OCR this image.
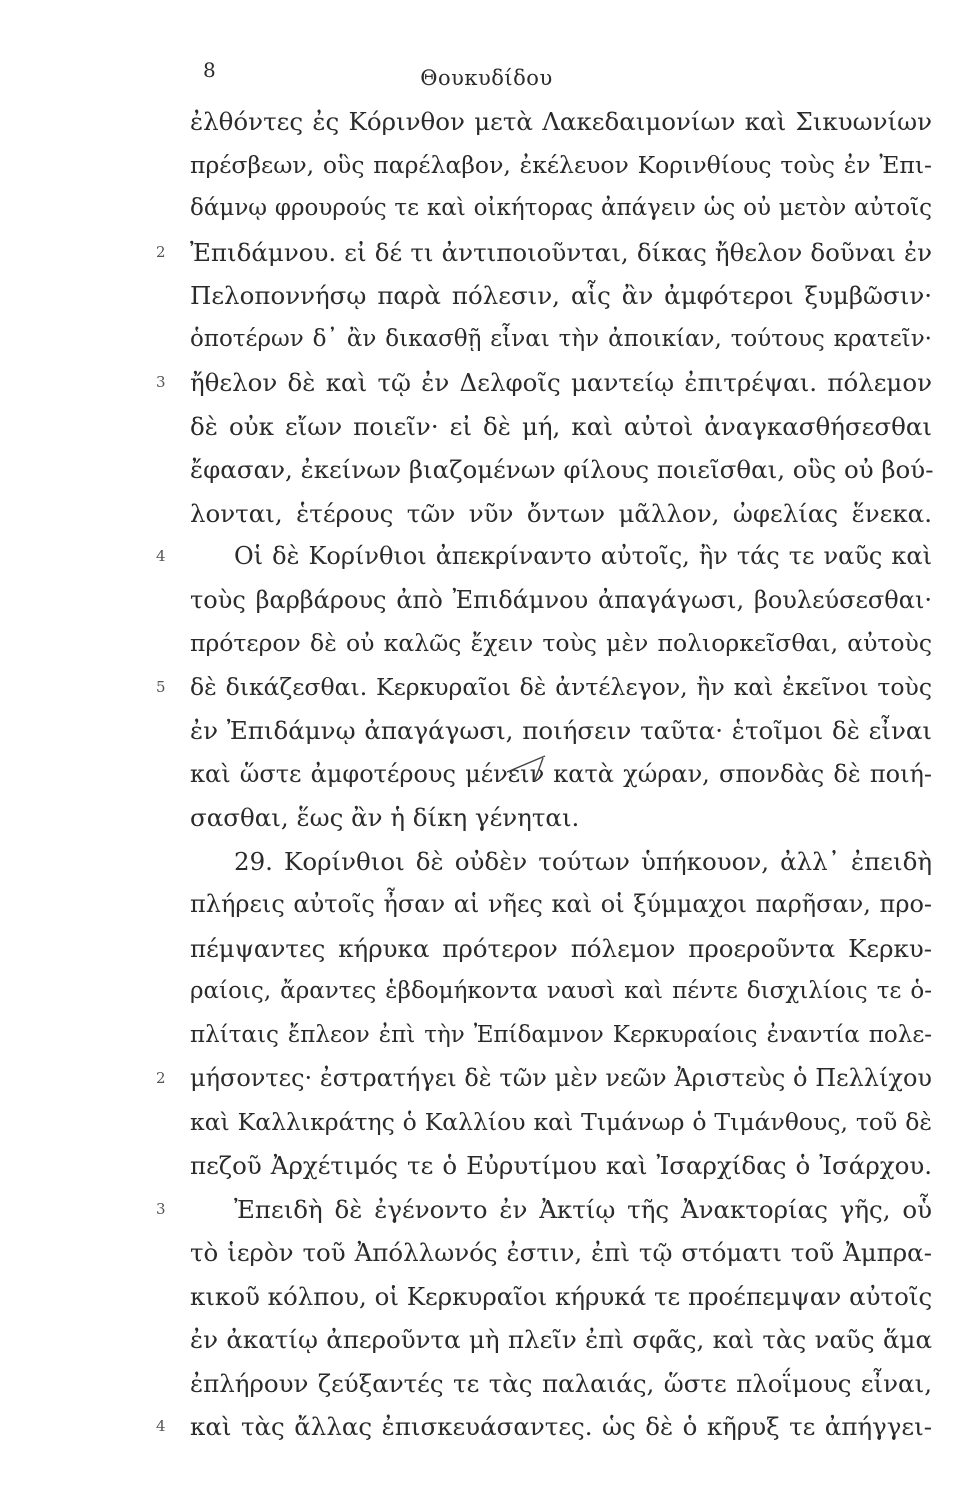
8	Θουκυδίδου
ἐλθόντες ἐς Κόρινθον μετὰ Λακεδαιμονίων καὶ Σικυωνίων
πρέσβεων, οὓς παρέλαβον, ἐκέλευον Κορινθίους τοὺς ἐν Ἐπι-
δάμνῳ φρουρούς τε καὶ οἰκήτορας ἀπάγειν ὡς οὐ μετὸν αὐτοῖς
Ἐπιδάμνου. εἰ δέ τι ἀντιποιοῦνται, δίκας ἤθελον δοῦναι ἐν
2
Πελοποννήσῳ παρὰ πόλεσιν, αἷς ἂν ἀμφότεροι ξυμβῶσιν·
ὁποτέρων δ᾽ ἂν δικασθῇ εἶναι τὴν ἀποικίαν, τούτους κρατεῖν·
ἤθελον δὲ καὶ τῷ ἐν Δελφοῖς μαντείῳ ἐπιτρέψαι. πόλεμον
3
δὲ οὐκ εἴων ποιεῖν· εἰ δὲ μή, καὶ αὐτοὶ ἀναγκασθήσεσθαι
ἔφασαν, ἐκείνων βιαζομένων φίλους ποιεῖσθαι, οὓς οὐ βού-
λονται, ἑτέρους τῶν νῦν ὄντων μᾶλλον, ὠφελίας ἕνεκα.
Οἱ δὲ Κορίνθιοι ἀπεκρίναντο αὐτοῖς, ἢν τάς τε ναῦς καὶ
4
τοὺς βαρβάρους ἀπὸ Ἐπιδάμνου ἀπαγάγωσι, βουλεύσεσθαι·
πρότερον δὲ οὐ καλῶς ἔχειν τοὺς μὲν πολιορκεῖσθαι, αὐτοὺς
δὲ δικάζεσθαι. Κερκυραῖοι δὲ ἀντέλεγον, ἢν καὶ ἐκεῖνοι τοὺς
5
ἐν Ἐπιδάμνῳ ἀπαγάγωσι, ποιήσειν ταῦτα· ἑτοῖμοι δὲ εἶναι
καὶ ὥστε ἀμφοτέρους μένειν κατὰ χώραν, σπονδὰς δὲ ποιή-
σασθαι, ἕως ἂν ἡ δίκη γένηται.
29. Κορίνθιοι δὲ οὐδὲν τούτων ὑπήκουον, ἀλλ᾽ ἐπειδὴ
πλήρεις αὐτοῖς ἦσαν αἱ νῆες καὶ οἱ ξύμμαχοι παρῆσαν, προ-
πέμψαντες κήρυκα πρότερον πόλεμον προεροῦντα Κερκυ-
ραίοις, ἄραντες ἑβδομήκοντα ναυσὶ καὶ πέντε δισχιλίοις τε ὁ-
πλίταις ἔπλεον ἐπὶ τὴν Ἐπίδαμνον Κερκυραίοις ἐναντία πολε-
μήσοντες· ἐστρατήγει δὲ τῶν μὲν νεῶν Ἀριστεὺς ὁ Πελλίχου
2
καὶ Καλλικράτης ὁ Καλλίου καὶ Τιμάνωρ ὁ Τιμάνθους, τοῦ δὲ
πεζοῦ Ἀρχέτιμός τε ὁ Εὐρυτίμου καὶ Ἰσαρχίδας ὁ Ἰσάρχου.
Ἐπειδὴ δὲ ἐγένοντο ἐν Ἀκτίῳ τῆς Ἀνακτορίας γῆς, οὗ
3
τὸ ἱερὸν τοῦ Ἀπόλλωνός ἐστιν, ἐπὶ τῷ στόματι τοῦ Ἀμπρα-
κικοῦ κόλπου, οἱ Κερκυραῖοι κήρυκά τε προέπεμψαν αὐτοῖς
ἐν ἀκατίῳ ἀπεροῦντα μὴ πλεῖν ἐπὶ σφᾶς, καὶ τὰς ναῦς ἅμα
ἐπλήρουν ζεύξαντές τε τὰς παλαιάς, ὥστε πλοΐμους εἶναι,
καὶ τὰς ἄλλας ἐπισκευάσαντες. ὡς δὲ ὁ κῆρυξ τε ἀπήγγει-
4
